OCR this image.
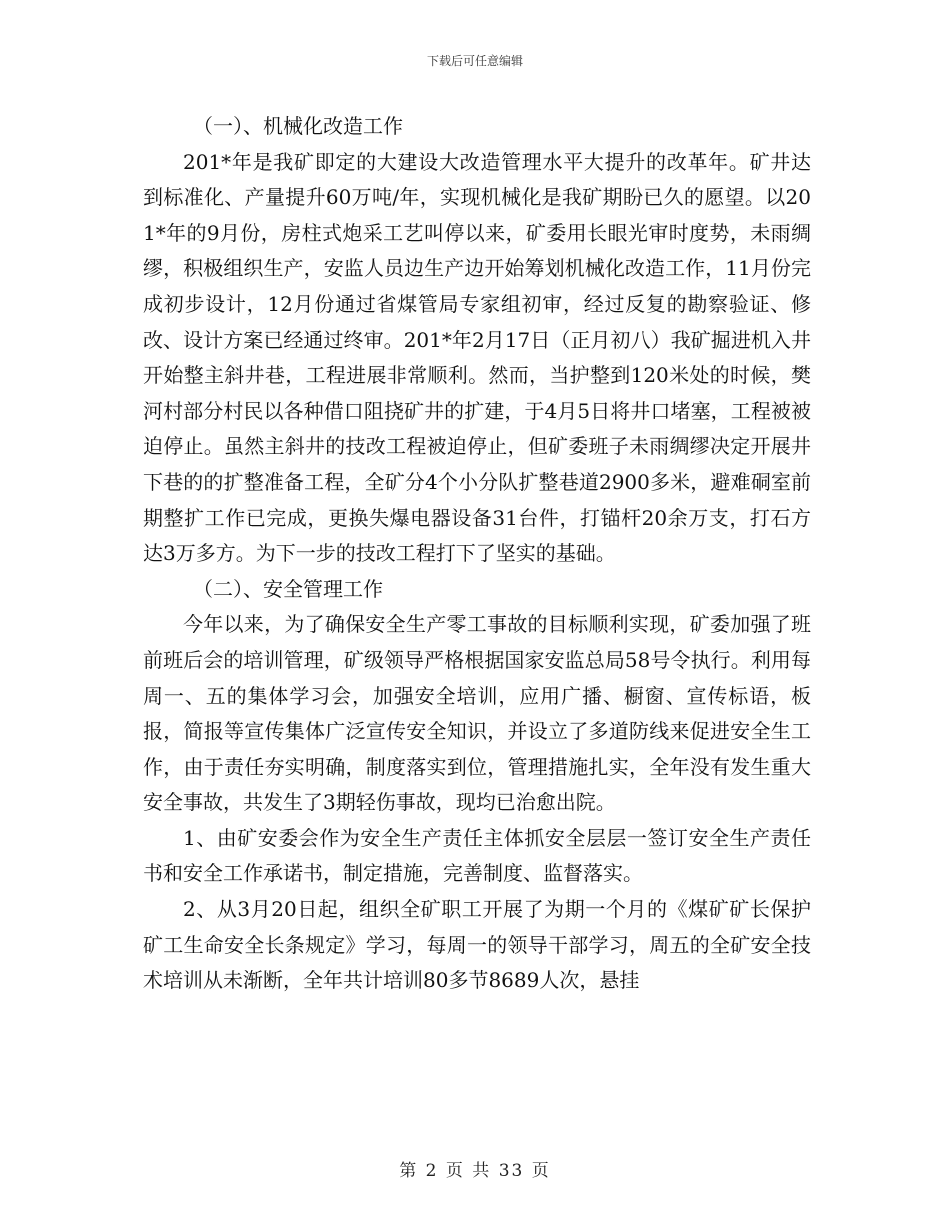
下载后可任意编辑

（一）、机械化改造工作

201*年是我矿即定的大建设大改造管理水平大提升的改革年。矿井达到标准化、产量提升60万吨/年，实现机械化是我矿期盼已久的愿望。以201*年的9月份，房柱式炮采工艺叫停以来，矿委用长眼光审时度势，未雨绸缪，积极组织生产，安监人员边生产边开始筹划机械化改造工作，11月份完成初步设计，12月份通过省煤管局专家组初审，经过反复的勘察验证、修改、设计方案已经通过终审。201*年2月17日（正月初八）我矿掘进机入井开始整主斜井巷，工程进展非常顺利。然而，当护整到120米处的时候，樊河村部分村民以各种借口阻挠矿井的扩建，于4月5日将井口堵塞，工程被被迫停止。虽然主斜井的技改工程被迫停止，但矿委班子未雨绸缪决定开展井下巷的的扩整准备工程，全矿分4个小分队扩整巷道2900多米，避难硐室前期整扩工作已完成，更换失爆电器设备31台件，打锚杆20余万支，打石方达3万多方。为下一步的技改工程打下了坚实的基础。

（二）、安全管理工作

今年以来，为了确保安全生产零工事故的目标顺利实现，矿委加强了班前班后会的培训管理，矿级领导严格根据国家安监总局58号令执行。利用每周一、五的集体学习会，加强安全培训，应用广播、橱窗、宣传标语，板报，简报等宣传集体广泛宣传安全知识，并设立了多道防线来促进安全生工作，由于责任夯实明确，制度落实到位，管理措施扎实，全年没有发生重大安全事故，共发生了3期轻伤事故，现均已治愈出院。

1、由矿安委会作为安全生产责任主体抓安全层层一签订安全生产责任书和安全工作承诺书，制定措施，完善制度、监督落实。

2、从3月20日起，组织全矿职工开展了为期一个月的《煤矿矿长保护矿工生命安全长条规定》学习，每周一的领导干部学习，周五的全矿安全技术培训从未渐断，全年共计培训80多节8689人次，悬挂

第 2 页 共 33 页
